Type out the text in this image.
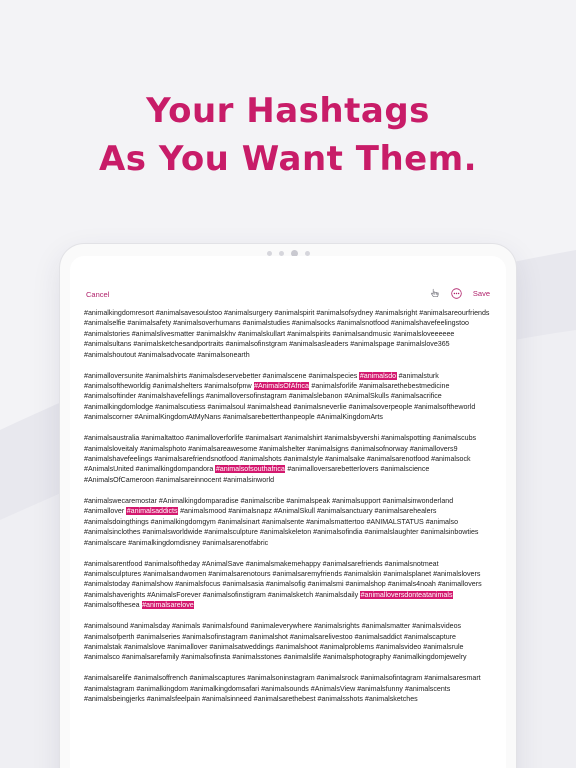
Your Hashtags
As You Want Them.
Cancel	Save
#animalkingdomresort #animalsavesoulstoo #animalsurgery #animalspirit #animalsofsydney #animalsright #animalsareourfriends #animalselfie #animalsafety #animalsoverhumans #animalstudies #animalsocks #animalsnotfood #animalshavefeelingstoo #animalstories #animalslivesmatter #animalskhv #animalskullart #animalspirits #animalsandmusic #animalsloveeeeee #animalsultans #animalsketchesandportraits #animalsofinstgram #animalsasleaders #animalspage #animalslove365 #animalshoutout #animalsadvocate #animalsonearth
#animalloversunite #animalshirts #animalsdeservebetter #animalscene #animalspecies #animalsdo #animalsturk #animalsoftheworldig #animalshelters #animalsofpnw #AnimalsOfAfrica #animalsforlife #animalsarethebestmedicine #animalsoftinder #animalshavefellings #animalloversofinstagram #animalslebanon #AnimalSkulls #animalsacrifice #animalkingdomlodge #animalscutiess #animalsoul #animalshead #animalsneverlie #animalsoverpeople #animalsoftheworld #animalscorner #AnimalKingdomAtMyNans #animalsarebetterthanpeople #AnimalKingdomArts
#animalsaustralia #animaltattoo #animalloverforlife #animalsart #animalshirt #animalsbyvershi #animalspotting #animalscubs #animalsloveitaly #animalsphoto #animalsareawesome #animalshelter #animalsigns #animalsofnorway #animallovers9 #animalshavefeelings #animalsarefriendsnotfood #animalshots #animalstyle #animalsake #animalsarenotfood #animalsock #AnimalsUnited #animalkingdompandora #animalsofsouthafrica #animalloversarebetterlovers #animalscience #AnimalsOfCameroon #animalsareinnocent #animalsinworld
#animalswecaremostar #Animalkingdomparadise #animalscribe #animalspeak #animalsupport #animalsinwonderland #animallover #animalsaddicts #animalsmood #animalsnapz #AnimalSkull #animalsanctuary #animalsarehealers #animalsdoingthings #animalkingdomgym #animalsinart #animalsente #animalsmattertoo #ANIMALSTATUS #animalso #animalsinclothes #animalsworldwide #animalsculpture #animalskeleton #animalsofindia #animalslaughter #animalsinbowties #animalscare #animalkingdomdisney #animalsarenotfabric
#animalsarentfood #animalsoftheday #AnimalSave #animalsmakemehappy #animalsarefriends #animalsnotmeat #animalsculptures #animalsandwomen #animalsarenotours #animalsaremyfriends #animalskin #animalsplanet #animalslovers #animalstoday #animalshow #animalsfocus #animalsasia #animalsofig #animalsmi #animalshop #animals4noah #animallovers #animalshaverights #AnimalsForever #animalsofinstigram #animalsketch #animalsdaily #animalloversdonteatanimals #animalsofthesea #animalsarelove
#animalsound #animalsday #animals #animalsfound #animaleverywhere #animalsrights #animalsmatter #animalsvideos #animalsofperth #animalseries #animalsofinstagram #animalshot #animalsarelivestoo #animalsaddict #animalscapture #animalstak #animalslove #animallover #animalsatweddings #animalshoot #animalproblems #animalsvideo #animalsrule #animalsco #animalsarefamily #animalsofinsta #animalsstones #animalslife #animalsphotography #animalkingdomjewelry
#animalsarelife #animalsoffrench #animalscaptures #animalsoninstagram #animalsrock #animalsofintagram #animalsaresmart #animalstagram #animalkingdom #animalkingdomsafari #animalsounds #AnimalsView #animalsfunny #animalscents #animalsbeingjerks #animalsfeelpain #animalsinneed #animalsarethebest #animalsshots #animalsketches
